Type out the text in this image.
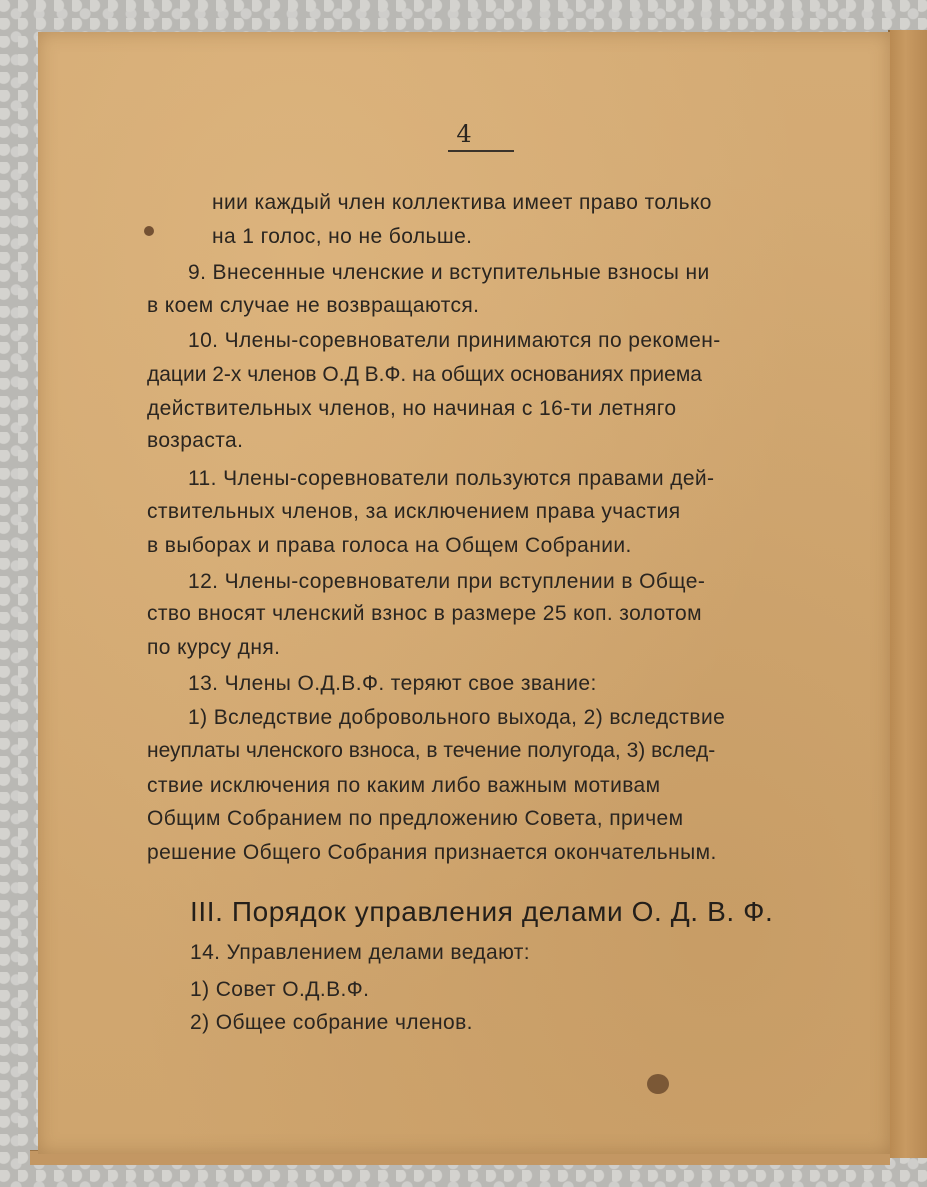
4
нии каждый член коллектива имеет право только
на 1 голос, но не больше.
9. Внесенные членские и вступительные взносы ни
в коем случае не возвращаются.
10. Члены-соревнователи принимаются по рекомен-
дации 2-х членов О.Д В.Ф. на общих основаниях приема
действительных членов, но начиная с 16-ти летняго
возраста.
11. Члены-соревнователи пользуются правами дей-
ствительных членов, за исключением права участия
в выборах и права голоса на Общем Собрании.
12. Члены-соревнователи при вступлении в Обще-
ство вносят членский взнос в размере 25 коп. золотом
по курсу дня.
13. Члены О.Д.В.Ф. теряют свое звание:
1) Вследствие добровольного выхода, 2) вследствие
неуплаты членского взноса, в течение полугода, 3) вслед-
ствие исключения по каким либо важным мотивам
Общим Собранием по предложению Совета, причем
решение Общего Собрания признается окончательным.
III. Порядок управления делами О. Д. В. Ф.
14. Управлением делами ведают:
1) Совет О.Д.В.Ф.
2) Общее собрание членов.
